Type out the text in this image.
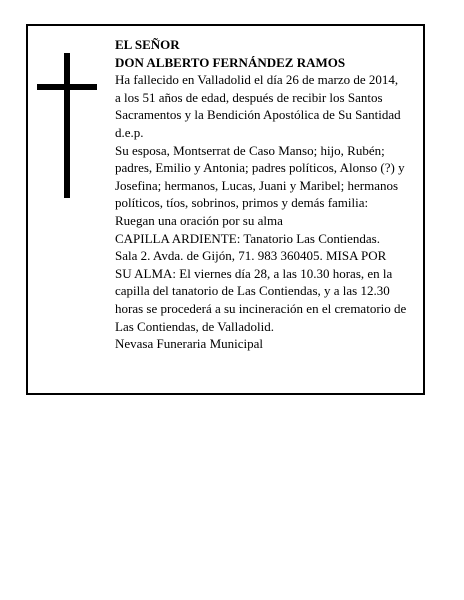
EL SEÑOR
DON ALBERTO FERNÁNDEZ RAMOS
Ha fallecido en Valladolid el día 26 de marzo de 2014,
a los 51 años de edad, después de recibir los Santos
Sacramentos y la Bendición Apostólica de Su Santidad
d.e.p.
Su esposa, Montserrat de Caso Manso; hijo, Rubén;
padres, Emilio y Antonia; padres políticos, Alonso (?) y
Josefina; hermanos, Lucas, Juani y Maribel; hermanos
políticos, tíos, sobrinos, primos y demás familia:
Ruegan una oración por su alma
CAPILLA ARDIENTE: Tanatorio Las Contiendas.
Sala 2. Avda. de Gijón, 71. 983 360405. MISA POR
SU ALMA: El viernes día 28, a las 10.30 horas, en la
capilla del tanatorio de Las Contiendas, y a las 12.30
horas se procederá a su incineración en el crematorio de
Las Contiendas, de Valladolid.
Nevasa Funeraria Municipal
